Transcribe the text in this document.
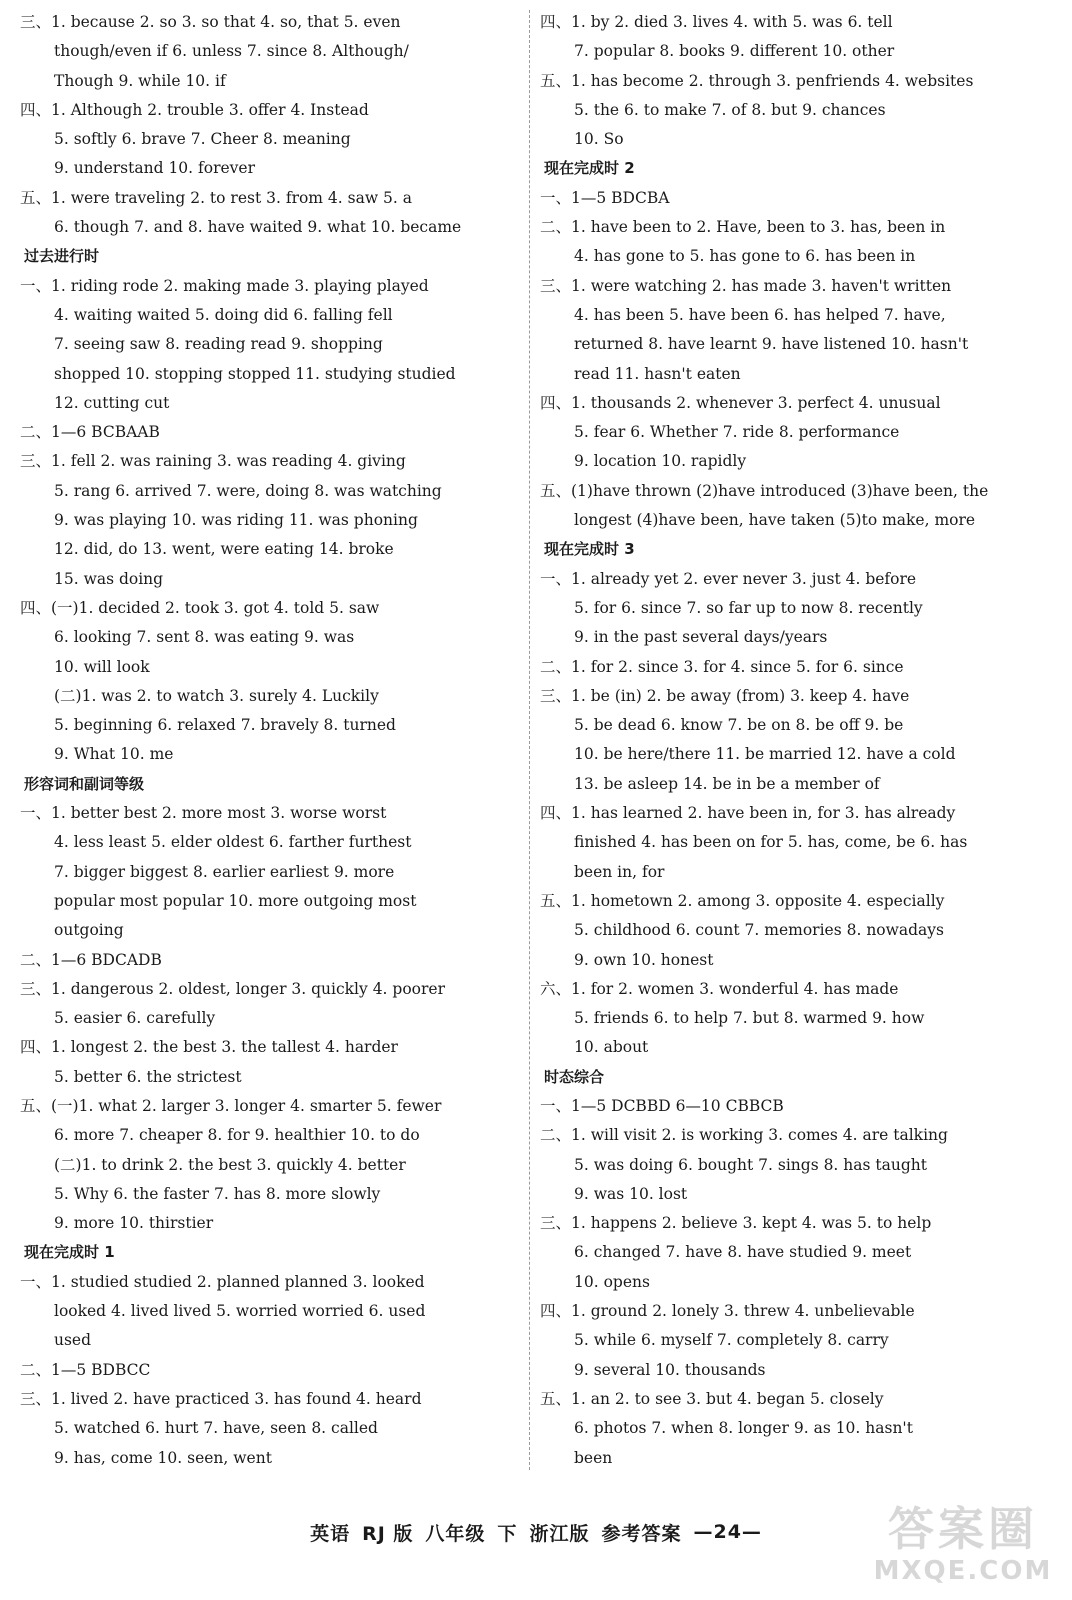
三、1. because 2. so 3. so that 4. so, that 5. even
though/even if 6. unless 7. since 8. Although/
Though 9. while 10. if
四、1. Although 2. trouble 3. offer 4. Instead
5. softly 6. brave 7. Cheer 8. meaning
9. understand 10. forever
五、1. were traveling 2. to rest 3. from 4. saw 5. a
6. though 7. and 8. have waited 9. what 10. became
过去进行时
一、1. riding rode 2. making made 3. playing played
4. waiting waited 5. doing did 6. falling fell
7. seeing saw 8. reading read 9. shopping
shopped 10. stopping stopped 11. studying studied
12. cutting cut
二、1—6 BCBAAB
三、1. fell 2. was raining 3. was reading 4. giving
5. rang 6. arrived 7. were, doing 8. was watching
9. was playing 10. was riding 11. was phoning
12. did, do 13. went, were eating 14. broke
15. was doing
四、(一)1. decided 2. took 3. got 4. told 5. saw
6. looking 7. sent 8. was eating 9. was
10. will look
(二)1. was 2. to watch 3. surely 4. Luckily
5. beginning 6. relaxed 7. bravely 8. turned
9. What 10. me
形容词和副词等级
一、1. better best 2. more most 3. worse worst
4. less least 5. elder oldest 6. farther furthest
7. bigger biggest 8. earlier earliest 9. more
popular most popular 10. more outgoing most
outgoing
二、1—6 BDCADB
三、1. dangerous 2. oldest, longer 3. quickly 4. poorer
5. easier 6. carefully
四、1. longest 2. the best 3. the tallest 4. harder
5. better 6. the strictest
五、(一)1. what 2. larger 3. longer 4. smarter 5. fewer
6. more 7. cheaper 8. for 9. healthier 10. to do
(二)1. to drink 2. the best 3. quickly 4. better
5. Why 6. the faster 7. has 8. more slowly
9. more 10. thirstier
现在完成时 1
一、1. studied studied 2. planned planned 3. looked
looked 4. lived lived 5. worried worried 6. used
used
二、1—5 BDBCC
三、1. lived 2. have practiced 3. has found 4. heard
5. watched 6. hurt 7. have, seen 8. called
9. has, come 10. seen, went
四、1. by 2. died 3. lives 4. with 5. was 6. tell
7. popular 8. books 9. different 10. other
五、1. has become 2. through 3. penfriends 4. websites
5. the 6. to make 7. of 8. but 9. chances
10. So
现在完成时 2
一、1—5 BDCBA
二、1. have been to 2. Have, been to 3. has, been in
4. has gone to 5. has gone to 6. has been in
三、1. were watching 2. has made 3. haven't written
4. has been 5. have been 6. has helped 7. have,
returned 8. have learnt 9. have listened 10. hasn't
read 11. hasn't eaten
四、1. thousands 2. whenever 3. perfect 4. unusual
5. fear 6. Whether 7. ride 8. performance
9. location 10. rapidly
五、(1)have thrown (2)have introduced (3)have been, the
longest (4)have been, have taken (5)to make, more
现在完成时 3
一、1. already yet 2. ever never 3. just 4. before
5. for 6. since 7. so far up to now 8. recently
9. in the past several days/years
二、1. for 2. since 3. for 4. since 5. for 6. since
三、1. be (in) 2. be away (from) 3. keep 4. have
5. be dead 6. know 7. be on 8. be off 9. be
10. be here/there 11. be married 12. have a cold
13. be asleep 14. be in be a member of
四、1. has learned 2. have been in, for 3. has already
finished 4. has been on for 5. has, come, be 6. has
been in, for
五、1. hometown 2. among 3. opposite 4. especially
5. childhood 6. count 7. memories 8. nowadays
9. own 10. honest
六、1. for 2. women 3. wonderful 4. has made
5. friends 6. to help 7. but 8. warmed 9. how
10. about
时态综合
一、1—5 DCBBD 6—10 CBBCB
二、1. will visit 2. is working 3. comes 4. are talking
5. was doing 6. bought 7. sings 8. has taught
9. was 10. lost
三、1. happens 2. believe 3. kept 4. was 5. to help
6. changed 7. have 8. have studied 9. meet
10. opens
四、1. ground 2. lonely 3. threw 4. unbelievable
5. while 6. myself 7. completely 8. carry
9. several 10. thousands
五、1. an 2. to see 3. but 4. began 5. closely
6. photos 7. when 8. longer 9. as 10. hasn't
been
英语 RJ 版 八年级 下 浙江版 参考答案 —24—	答案圈
MXQE.COM
